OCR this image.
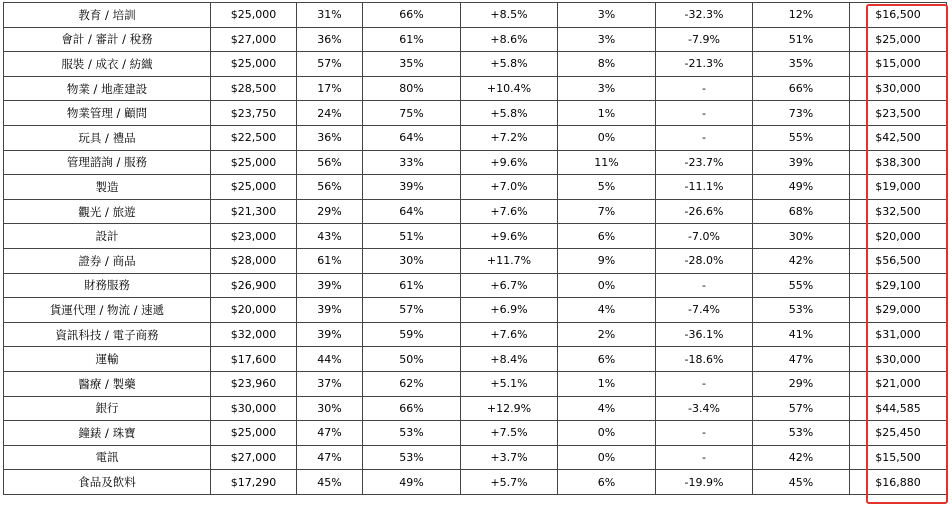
教育 / 培訓	$25,000	31%	66%	+8.5%	3%	-32.3%	12%	$16,500
會計 / 審計 / 稅務	$27,000	36%	61%	+8.6%	3%	-7.9%	51%	$25,000
服裝 / 成衣 / 紡織	$25,000	57%	35%	+5.8%	8%	-21.3%	35%	$15,000
物業 / 地產建設	$28,500	17%	80%	+10.4%	3%	-	66%	$30,000
物業管理 / 顧問	$23,750	24%	75%	+5.8%	1%	-	73%	$23,500
玩具 / 禮品	$22,500	36%	64%	+7.2%	0%	-	55%	$42,500
管理諮詢 / 服務	$25,000	56%	33%	+9.6%	11%	-23.7%	39%	$38,300
製造	$25,000	56%	39%	+7.0%	5%	-11.1%	49%	$19,000
觀光 / 旅遊	$21,300	29%	64%	+7.6%	7%	-26.6%	68%	$32,500
設計	$23,000	43%	51%	+9.6%	6%	-7.0%	30%	$20,000
證券 / 商品	$28,000	61%	30%	+11.7%	9%	-28.0%	42%	$56,500
財務服務	$26,900	39%	61%	+6.7%	0%	-	55%	$29,100
貨運代理 / 物流 / 速遞	$20,000	39%	57%	+6.9%	4%	-7.4%	53%	$29,000
資訊科技 / 電子商務	$32,000	39%	59%	+7.6%	2%	-36.1%	41%	$31,000
運輸	$17,600	44%	50%	+8.4%	6%	-18.6%	47%	$30,000
醫療 / 製藥	$23,960	37%	62%	+5.1%	1%	-	29%	$21,000
銀行	$30,000	30%	66%	+12.9%	4%	-3.4%	57%	$44,585
鐘錶 / 珠寶	$25,000	47%	53%	+7.5%	0%	-	53%	$25,450
電訊	$27,000	47%	53%	+3.7%	0%	-	42%	$15,500
食品及飲料	$17,290	45%	49%	+5.7%	6%	-19.9%	45%	$16,880
